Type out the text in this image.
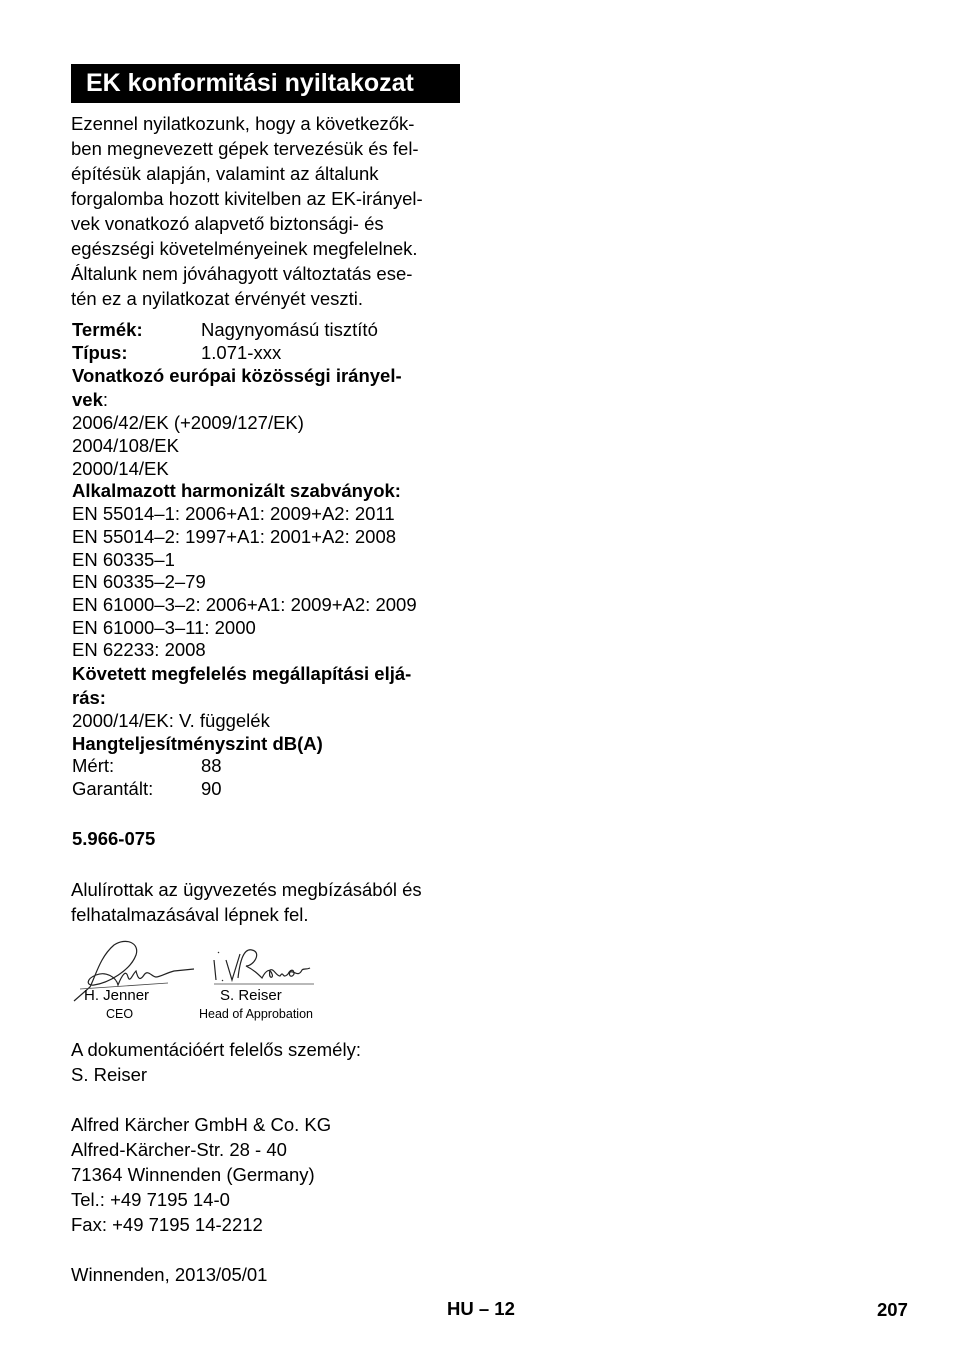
EK konformitási nyiltakozat
Ezennel nyilatkozunk, hogy a következők-
ben megnevezett gépek tervezésük és fel-
építésük alapján, valamint az általunk
forgalomba hozott kivitelben az EK-irányel-
vek vonatkozó alapvető biztonsági- és
egészségi követelményeinek megfelelnek.
Általunk nem jóváhagyott változtatás ese-
tén ez a nyilatkozat érvényét veszti.
Termék:	Nagynyomású tisztító
Típus:	1.071-xxx
Vonatkozó európai közösségi irányel-
vek:
2006/42/EK (+2009/127/EK)
2004/108/EK
2000/14/EK
Alkalmazott harmonizált szabványok:
EN 55014–1: 2006+A1: 2009+A2: 2011
EN 55014–2: 1997+A1: 2001+A2: 2008
EN 60335–1
EN 60335–2–79
EN 61000–3–2: 2006+A1: 2009+A2: 2009
EN 61000–3–11: 2000
EN 62233: 2008
Követett megfelelés megállapítási eljá-
rás:
2000/14/EK: V. függelék
Hangteljesítményszint dB(A)
Mért:	88
Garantált:	90
5.966-075
Alulírottak az ügyvezetés megbízásából és
felhatalmazásával lépnek fel.
H. Jenner
CEO
S. Reiser
Head of Approbation
A dokumentációért felelős személy:
S. Reiser
Alfred Kärcher GmbH & Co. KG
Alfred-Kärcher-Str. 28 - 40
71364 Winnenden (Germany)
Tel.: +49 7195 14-0
Fax: +49 7195 14-2212
Winnenden, 2013/05/01
HU – 12	207
